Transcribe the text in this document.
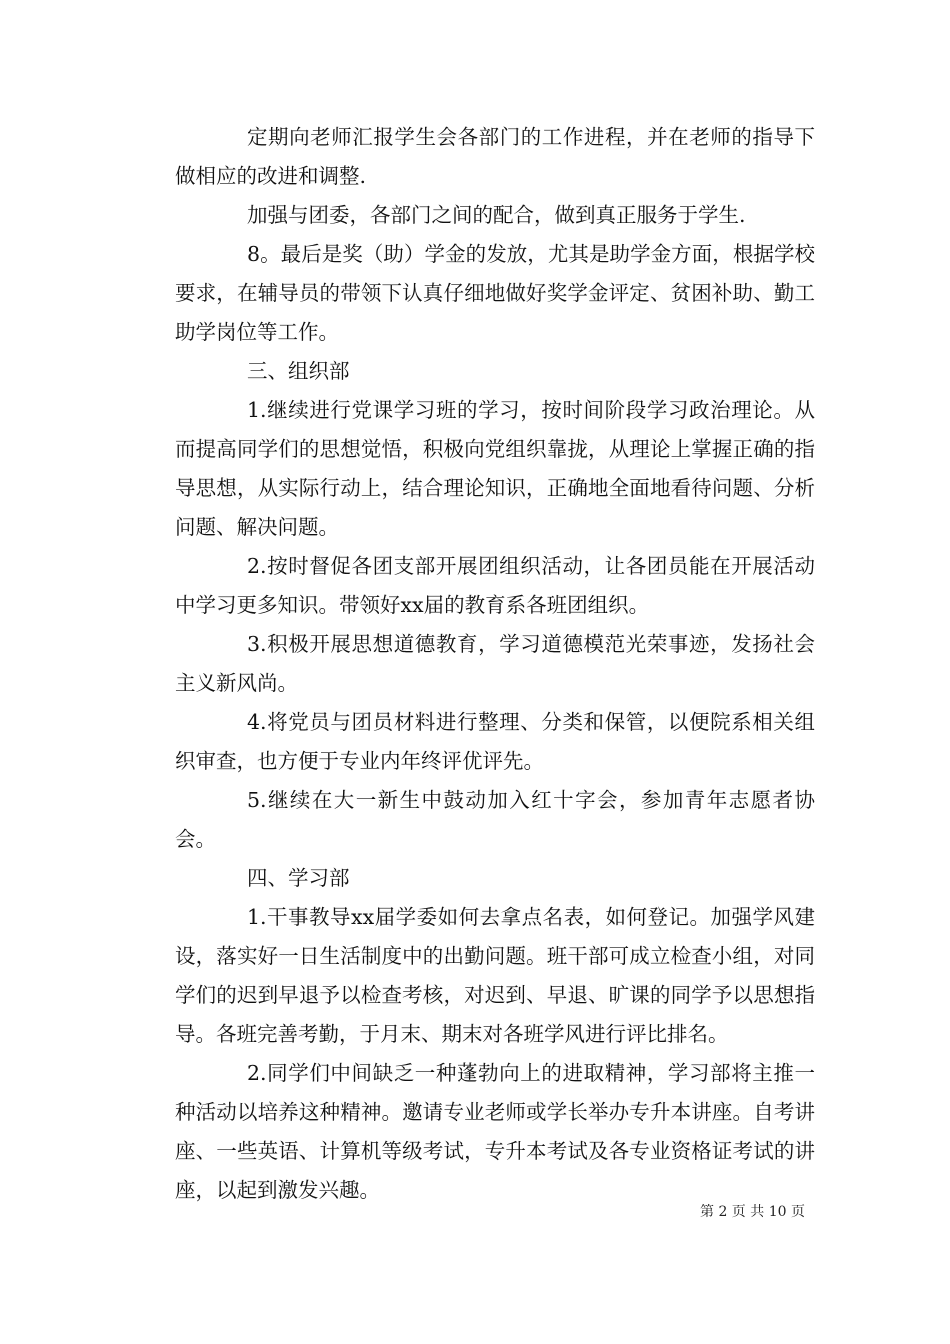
定期向老师汇报学生会各部门的工作进程，并在老师的指导下做相应的改进和调整.

加强与团委，各部门之间的配合，做到真正服务于学生.

8。最后是奖（助）学金的发放，尤其是助学金方面，根据学校要求，在辅导员的带领下认真仔细地做好奖学金评定、贫困补助、勤工助学岗位等工作。

三、组织部

1.继续进行党课学习班的学习，按时间阶段学习政治理论。从而提高同学们的思想觉悟，积极向党组织靠拢，从理论上掌握正确的指导思想，从实际行动上，结合理论知识，正确地全面地看待问题、分析问题、解决问题。

2.按时督促各团支部开展团组织活动，让各团员能在开展活动中学习更多知识。带领好xx届的教育系各班团组织。

3.积极开展思想道德教育，学习道德模范光荣事迹，发扬社会主义新风尚。

4.将党员与团员材料进行整理、分类和保管，以便院系相关组织审查，也方便于专业内年终评优评先。

5.继续在大一新生中鼓动加入红十字会，参加青年志愿者协会。

四、学习部

1.干事教导xx届学委如何去拿点名表，如何登记。加强学风建设，落实好一日生活制度中的出勤问题。班干部可成立检查小组，对同学们的迟到早退予以检查考核，对迟到、早退、旷课的同学予以思想指导。各班完善考勤，于月末、期末对各班学风进行评比排名。

2.同学们中间缺乏一种蓬勃向上的进取精神，学习部将主推一种活动以培养这种精神。邀请专业老师或学长举办专升本讲座。自考讲座、一些英语、计算机等级考试，专升本考试及各专业资格证考试的讲座，以起到激发兴趣。

第 2 页 共 10 页
